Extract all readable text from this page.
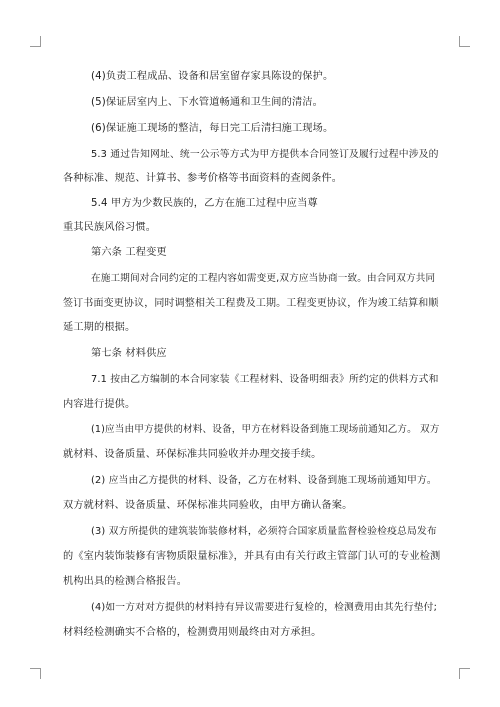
(4)负责工程成品、设备和居室留存家具陈设的保护。
(5)保证居室内上、下水管道畅通和卫生间的清洁。
(6)保证施工现场的整洁，每日完工后清扫施工现场。
5.3 通过告知网址、统一公示等方式为甲方提供本合同签订及履行过程中涉及的
各种标准、规范、计算书、参考价格等书面资料的查阅条件。
5.4 甲方为少数民族的，乙方在施工过程中应当尊
重其民族风俗习惯。
第六条 工程变更
在施工期间对合同约定的工程内容如需变更,双方应当协商一致。由合同双方共同
签订书面变更协议，同时调整相关工程费及工期。工程变更协议，作为竣工结算和顺
延工期的根据。
第七条 材料供应
7.1 按由乙方编制的本合同家装《工程材料、设备明细表》所约定的供料方式和
内容进行提供。
(1)应当由甲方提供的材料、设备，甲方在材料设备到施工现场前通知乙方。 双方
就材料、设备质量、环保标准共同验收并办理交接手续。
(2) 应当由乙方提供的材料、设备，乙方在材料、设备到施工现场前通知甲方。
双方就材料、设备质量、环保标准共同验收，由甲方确认备案。
(3) 双方所提供的建筑装饰装修材料，必须符合国家质量监督检验检疫总局发布
的《室内装饰装修有害物质限量标准》，并具有由有关行政主管部门认可的专业检测
机构出具的检测合格报告。
(4)如一方对对方提供的材料持有异议需要进行复检的，检测费用由其先行垫付;
材料经检测确实不合格的，检测费用则最终由对方承担。
